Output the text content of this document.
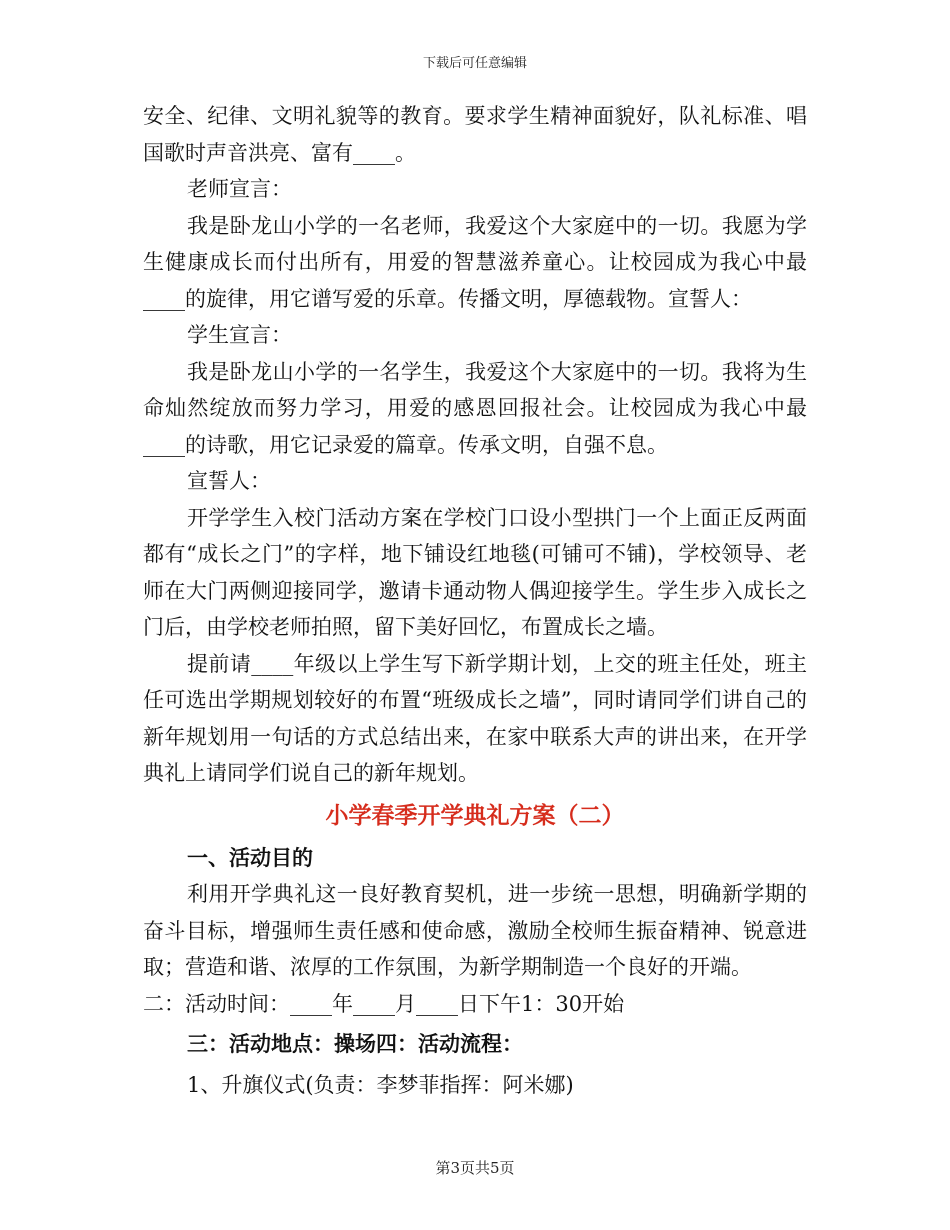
下载后可任意编辑

安全、纪律、文明礼貌等的教育。要求学生精神面貌好，队礼标准、唱国歌时声音洪亮、富有____。

老师宣言：

我是卧龙山小学的一名老师，我爱这个大家庭中的一切。我愿为学生健康成长而付出所有，用爱的智慧滋养童心。让校园成为我心中最____的旋律，用它谱写爱的乐章。传播文明，厚德载物。宣誓人：

学生宣言：

我是卧龙山小学的一名学生，我爱这个大家庭中的一切。我将为生命灿然绽放而努力学习，用爱的感恩回报社会。让校园成为我心中最____的诗歌，用它记录爱的篇章。传承文明，自强不息。

宣誓人：

开学学生入校门活动方案在学校门口设小型拱门一个上面正反两面都有“成长之门”的字样，地下铺设红地毯(可铺可不铺)，学校领导、老师在大门两侧迎接同学，邀请卡通动物人偶迎接学生。学生步入成长之门后，由学校老师拍照，留下美好回忆，布置成长之墙。

提前请____年级以上学生写下新学期计划，上交的班主任处，班主任可选出学期规划较好的布置“班级成长之墙”，同时请同学们讲自己的新年规划用一句话的方式总结出来，在家中联系大声的讲出来，在开学典礼上请同学们说自己的新年规划。

小学春季开学典礼方案（二）

一、活动目的

利用开学典礼这一良好教育契机，进一步统一思想，明确新学期的奋斗目标，增强师生责任感和使命感，激励全校师生振奋精神、锐意进取；营造和谐、浓厚的工作氛围，为新学期制造一个良好的开端。

二：活动时间：____年____月____日下午1：30开始

三：活动地点：操场四：活动流程：

1、升旗仪式(负责：李梦菲指挥：阿米娜)

第3页共5页
